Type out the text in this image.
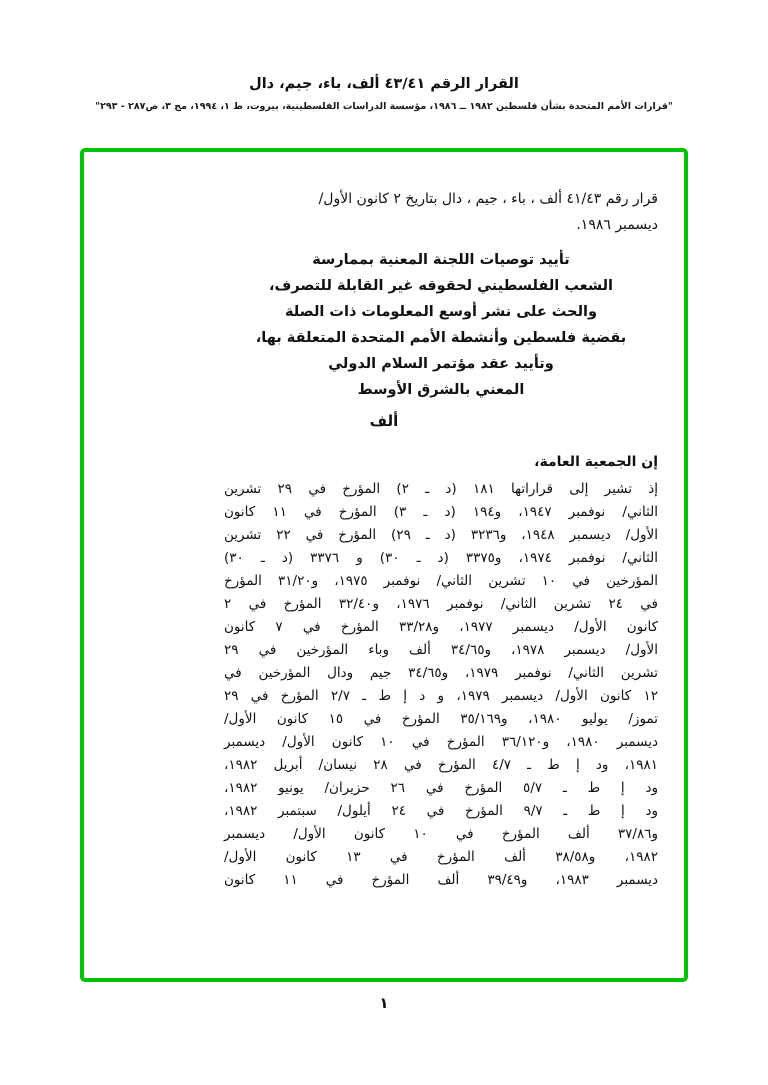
القرار الرقم ٤٣/٤١ ألف، باء، جيم، دال
"قرارات الأمم المتحدة بشأن فلسطين ١٩٨٢ ــ ١٩٨٦، مؤسسة الدراسات الفلسطينية، بيروت، ط ١، ١٩٩٤، مج ٣، ص٢٨٧ - ٢٩٣"
قرار رقم ٤١/٤٣ ألف ، باء ، جيم ، دال بتاريخ ٢ كانون الأول/
ديسمبر ١٩٨٦.
تأييد توصيات اللجنة المعنية بممارسة
الشعب الفلسطيني لحقوقه غير القابلة للتصرف،
والحث على نشر أوسع المعلومات ذات الصلة
بقضية فلسطين وأنشطة الأمم المتحدة المتعلقة بها،
وتأييد عقد مؤتمر السلام الدولي
المعني بالشرق الأوسط
ألف
إن الجمعية العامة،
إذ تشير إلى قراراتها ١٨١ (د ـ ٢) المؤرخ في ٢٩ تشرين
الثاني/ نوفمبر ١٩٤٧، و١٩٤ (د ـ ٣) المؤرخ في ١١ كانون
الأول/ ديسمبر ١٩٤٨، و٣٢٣٦ (د ـ ٢٩) المؤرخ في ٢٢ تشرين
الثاني/ نوفمبر ١٩٧٤، و٣٣٧٥ (د ـ ٣٠) و ٣٣٧٦ (د ـ ٣٠)
المؤرخين في ١٠ تشرين الثاني/ نوفمبر ١٩٧٥، و٣١/٢٠ المؤرخ
في ٢٤ تشرين الثاني/ نوفمبر ١٩٧٦، و٣٢/٤٠ المؤرخ في ٢
كانون الأول/ ديسمبر ١٩٧٧، و٣٣/٢٨ المؤرخ في ٧ كانون
الأول/ ديسمبر ١٩٧٨، و٣٤/٦٥ ألف وباء المؤرخين في ٢٩
تشرين الثاني/ نوفمبر ١٩٧٩، و٣٤/٦٥ جيم ودال المؤرخين في
١٢ كانون الأول/ ديسمبر ١٩٧٩، و د إ ط ـ ٢/٧ المؤرخ في ٢٩
تموز/ يوليو ١٩٨٠، و٣٥/١٦٩ المؤرخ في ١٥ كانون الأول/
ديسمبر ١٩٨٠، و٣٦/١٢٠ المؤرخ في ١٠ كانون الأول/ ديسمبر
١٩٨١، ود إ ط ـ ٤/٧ المؤرخ في ٢٨ نيسان/ أبريل ١٩٨٢،
ود إ ط ـ ٥/٧ المؤرخ في ٢٦ حزيران/ يونيو ١٩٨٢،
ود إ ط ـ ٩/٧ المؤرخ في ٢٤ أيلول/ سبتمبر ١٩٨٢،
و٣٧/٨٦ ألف المؤرخ في ١٠ كانون الأول/ ديسمبر
١٩٨٢، و٣٨/٥٨ ألف المؤرخ في ١٣ كانون الأول/
ديسمبر ١٩٨٣، و٣٩/٤٩ ألف المؤرخ في ١١ كانون
١
